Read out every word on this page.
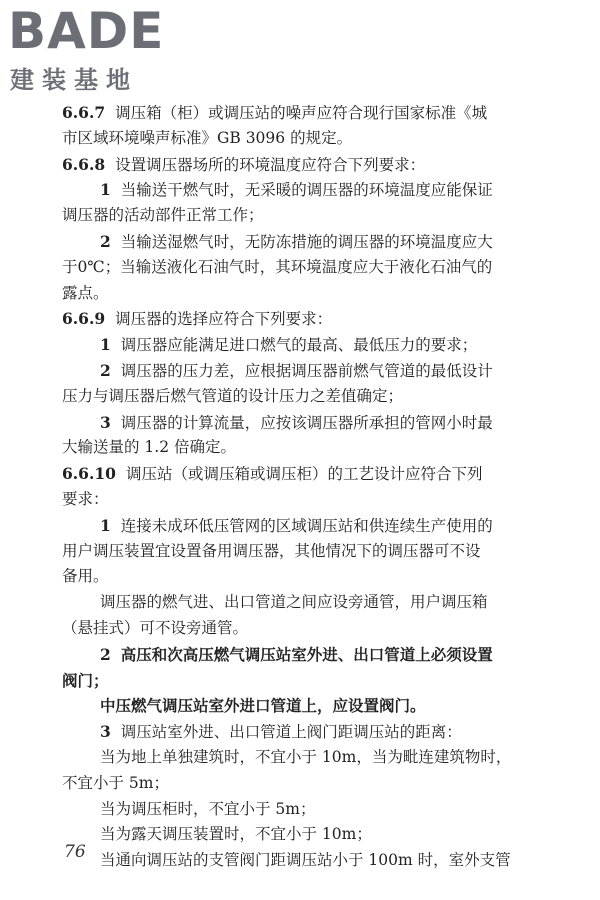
BADE
建装基地
6.6.7 调压箱（柜）或调压站的噪声应符合现行国家标准《城
市区域环境噪声标准》GB 3096 的规定。
6.6.8 设置调压器场所的环境温度应符合下列要求：
1 当输送干燃气时，无采暖的调压器的环境温度应能保证
调压器的活动部件正常工作；
2 当输送湿燃气时，无防冻措施的调压器的环境温度应大
于0℃；当输送液化石油气时，其环境温度应大于液化石油气的
露点。
6.6.9 调压器的选择应符合下列要求：
1 调压器应能满足进口燃气的最高、最低压力的要求；
2 调压器的压力差，应根据调压器前燃气管道的最低设计
压力与调压器后燃气管道的设计压力之差值确定；
3 调压器的计算流量，应按该调压器所承担的管网小时最
大输送量的 1.2 倍确定。
6.6.10 调压站（或调压箱或调压柜）的工艺设计应符合下列
要求：
1 连接未成环低压管网的区域调压站和供连续生产使用的
用户调压装置宜设置备用调压器，其他情况下的调压器可不设
备用。
调压器的燃气进、出口管道之间应设旁通管，用户调压箱
（悬挂式）可不设旁通管。
2 高压和次高压燃气调压站室外进、出口管道上必须设置
阀门；
中压燃气调压站室外进口管道上，应设置阀门。
3 调压站室外进、出口管道上阀门距调压站的距离：
当为地上单独建筑时，不宜小于 10m，当为毗连建筑物时，
不宜小于 5m；
当为调压柜时，不宜小于 5m；
当为露天调压装置时，不宜小于 10m；
当通向调压站的支管阀门距调压站小于 100m 时，室外支管
76
